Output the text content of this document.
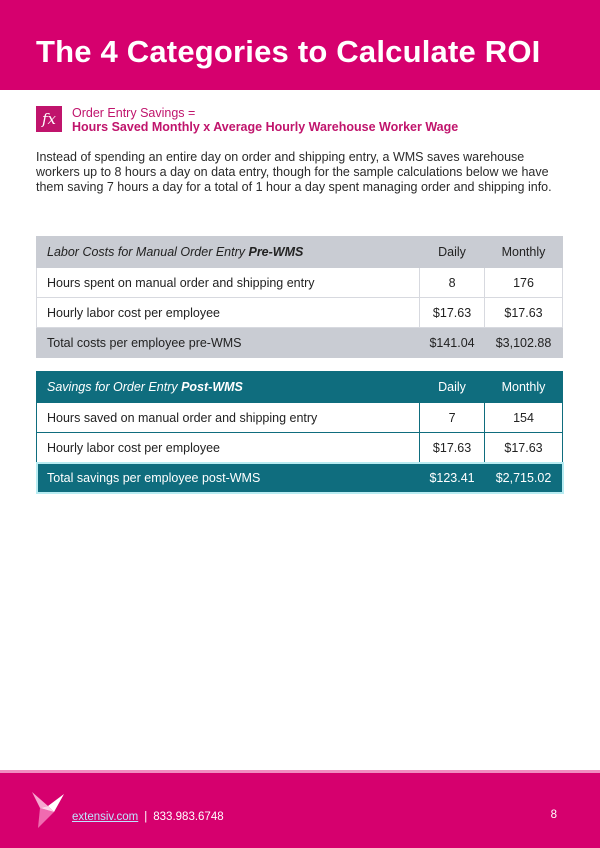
The 4 Categories to Calculate ROI
fx	Order Entry Savings =
Hours Saved Monthly x Average Hourly Warehouse Worker Wage

Instead of spending an entire day on order and shipping entry, a WMS saves warehouse workers up to 8 hours a day on data entry, though for the sample calculations below we have them saving 7 hours a day for a total of 1 hour a day spent managing order and shipping info.

Labor Costs for Manual Order Entry Pre-WMS	Daily	Monthly
Hours spent on manual order and shipping entry	8	176
Hourly labor cost per employee	$17.63	$17.63
Total costs per employee pre-WMS	$141.04	$3,102.88
Savings for Order Entry Post-WMS	Daily	Monthly
Hours saved on manual order and shipping entry	7	154
Hourly labor cost per employee	$17.63	$17.63
Total savings per employee post-WMS	$123.41	$2,715.02
extensiv.com | 833.983.6748	8
